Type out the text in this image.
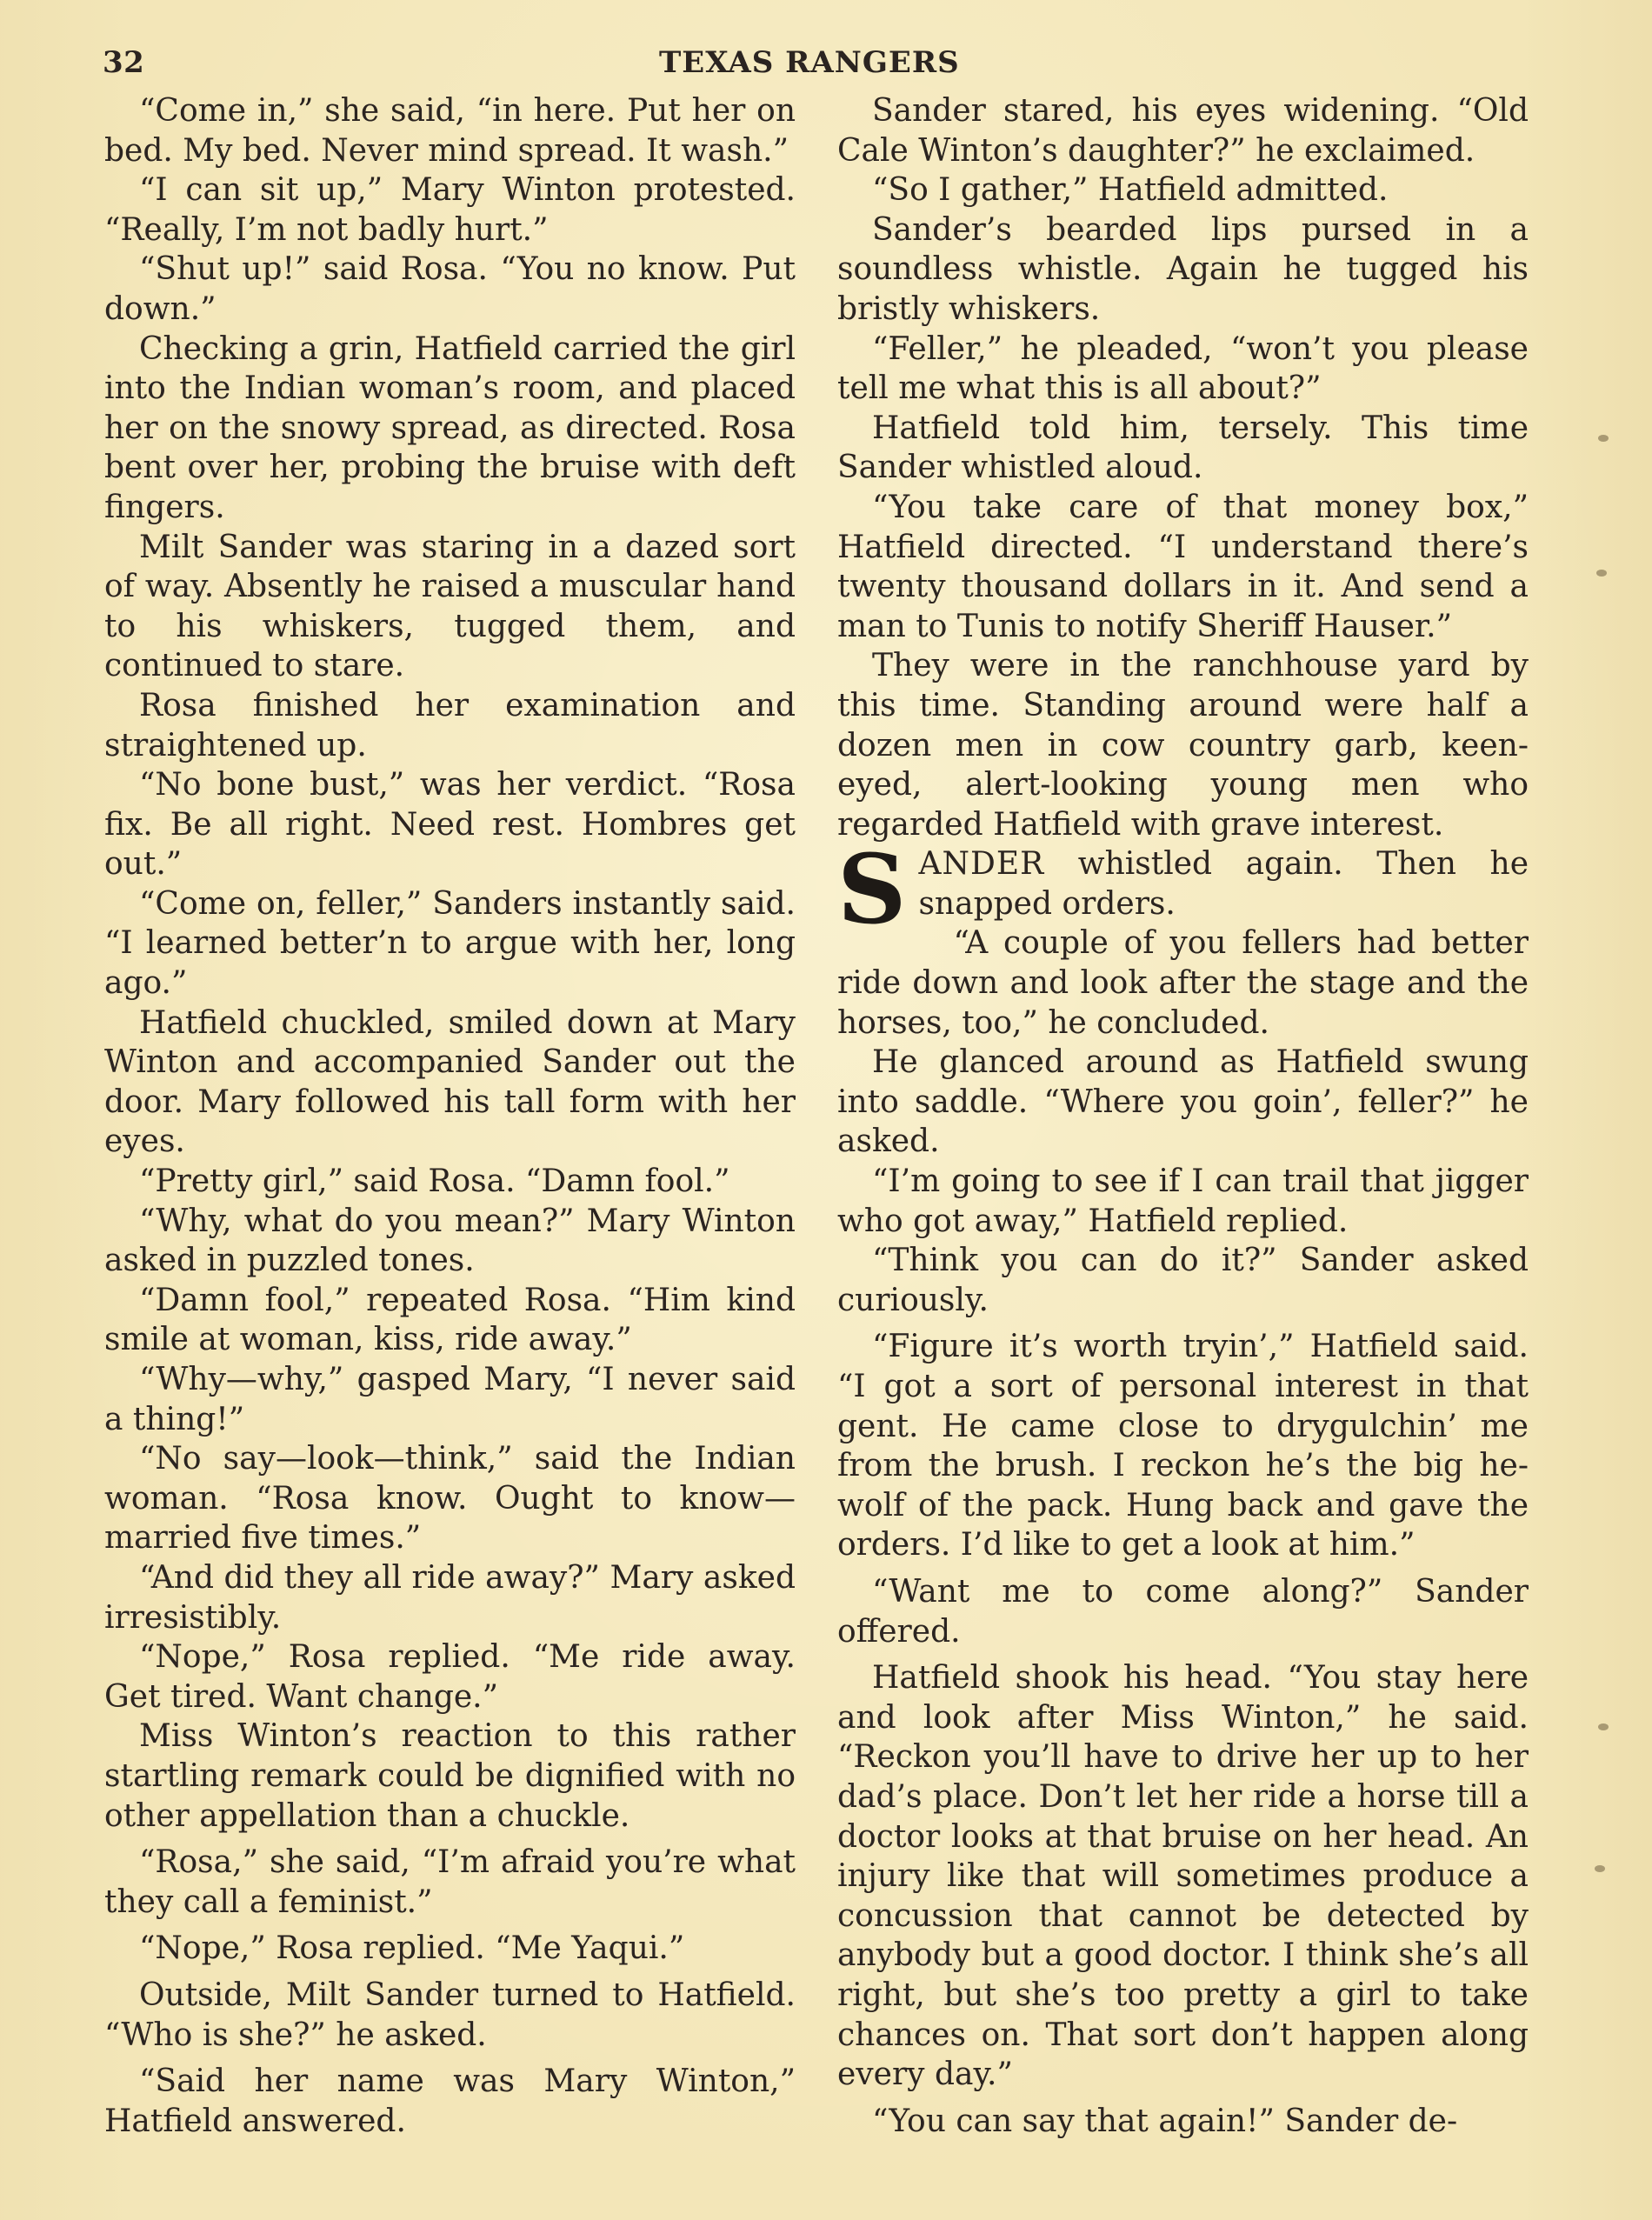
32	TEXAS RANGERS

“Come in,” she said, “in here. Put her on bed. My bed. Never mind spread. It wash.”

“I can sit up,” Mary Winton protested. “Really, I’m not badly hurt.”

“Shut up!” said Rosa. “You no know. Put down.”

Checking a grin, Hatfield carried the girl into the Indian woman’s room, and placed her on the snowy spread, as directed. Rosa bent over her, probing the bruise with deft fingers.

Milt Sander was staring in a dazed sort of way. Absently he raised a muscular hand to his whiskers, tugged them, and continued to stare.

Rosa finished her examination and straightened up.

“No bone bust,” was her verdict. “Rosa fix. Be all right. Need rest. Hombres get out.”

“Come on, feller,” Sanders instantly said. “I learned better’n to argue with her, long ago.”

Hatfield chuckled, smiled down at Mary Winton and accompanied Sander out the door. Mary followed his tall form with her eyes.

“Pretty girl,” said Rosa. “Damn fool.”

“Why, what do you mean?” Mary Winton asked in puzzled tones.

“Damn fool,” repeated Rosa. “Him kind smile at woman, kiss, ride away.”

“Why—why,” gasped Mary, “I never said a thing!”

“No say—look—think,” said the Indian woman. “Rosa know. Ought to know—married five times.”

“And did they all ride away?” Mary asked irresistibly.

“Nope,” Rosa replied. “Me ride away. Get tired. Want change.”

Miss Winton’s reaction to this rather startling remark could be dignified with no other appellation than a chuckle.

“Rosa,” she said, “I’m afraid you’re what they call a feminist.”

“Nope,” Rosa replied. “Me Yaqui.”

Outside, Milt Sander turned to Hatfield. “Who is she?” he asked.

“Said her name was Mary Winton,” Hatfield answered.

Sander stared, his eyes widening. “Old Cale Winton’s daughter?” he exclaimed.

“So I gather,” Hatfield admitted.

Sander’s bearded lips pursed in a soundless whistle. Again he tugged his bristly whiskers.

“Feller,” he pleaded, “won’t you please tell me what this is all about?”

Hatfield told him, tersely. This time Sander whistled aloud.

“You take care of that money box,” Hatfield directed. “I understand there’s twenty thousand dollars in it. And send a man to Tunis to notify Sheriff Hauser.”

They were in the ranchhouse yard by this time. Standing around were half a dozen men in cow country garb, keen-eyed, alert-looking young men who regarded Hatfield with grave interest.

SANDER whistled again. Then he snapped orders.

“A couple of you fellers had better ride down and look after the stage and the horses, too,” he concluded.

He glanced around as Hatfield swung into saddle. “Where you goin’, feller?” he asked.

“I’m going to see if I can trail that jigger who got away,” Hatfield replied.

“Think you can do it?” Sander asked curiously.

“Figure it’s worth tryin’,” Hatfield said. “I got a sort of personal interest in that gent. He came close to drygulchin’ me from the brush. I reckon he’s the big he-wolf of the pack. Hung back and gave the orders. I’d like to get a look at him.”

“Want me to come along?” Sander offered.

Hatfield shook his head. “You stay here and look after Miss Winton,” he said. “Reckon you’ll have to drive her up to her dad’s place. Don’t let her ride a horse till a doctor looks at that bruise on her head. An injury like that will sometimes produce a concussion that cannot be detected by anybody but a good doctor. I think she’s all right, but she’s too pretty a girl to take chances on. That sort don’t happen along every day.”

“You can say that again!” Sander de-
